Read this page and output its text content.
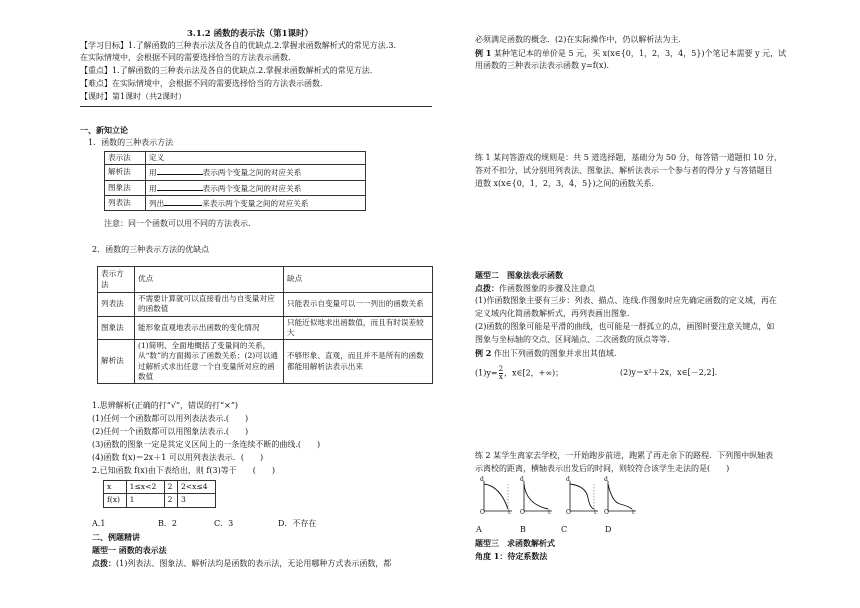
3.1.2 函数的表示法（第1课时）
【学习目标】1.了解函数的三种表示法及各自的优缺点.2.掌握求函数解析式的常见方法.3.
在实际情境中，会根据不同的需要选择恰当的方法表示函数.
【重点】1.了解函数的三种表示法及各自的优缺点.2.掌握求函数解析式的常见方法.
【难点】在实际情境中，会根据不同的需要选择恰当的方法表示函数.
【课时】第1课时（共2课时）
一、新知立论
1．函数的三种表示方法
表示法	定义
解析法	用 表示两个变量之间的对应关系
图象法	用 表示两个变量之间的对应关系
列表法	列出 来表示两个变量之间的对应关系
注意：同一个函数可以用不同的方法表示.
2．函数的三种表示方法的优缺点
表示方法	优点	缺点
列表法	不需要计算就可以直接看出与自变量对应的函数值	只能表示自变量可以一一列出的函数关系
图象法	能形象直观地表示出函数的变化情况	只能近似地求出函数值，而且有时误差较大
解析法	(1)简明、全面地概括了变量间的关系，从“数”的方面揭示了函数关系；(2)可以通过解析式求出任意一个自变量所对应的函数值	不够形象、直观，而且并不是所有的函数都能用解析法表示出来
1.思辨解析(正确的打“√”，错误的打“×”)
(1)任何一个函数都可以用列表法表示.(　　)
(2)任何一个函数都可以用图象法表示.(　　)
(3)函数的图象一定是其定义区间上的一条连续不断的曲线.(　　)
(4)函数 f(x)＝2x＋1 可以用列表法表示．(　　)
2.已知函数 f(x)由下表给出，则 f(3)等于　　(　　)
x	1≤x<2	2	2<x≤4
f(x)	1	2	3
A.1	B．2	C．3	D．不存在
二、例题精讲
题型一 函数的表示法
点拨：(1)列表法、图象法、解析法均是函数的表示法，无论用哪种方式表示函数，都
必须满足函数的概念．(2)在实际操作中，仍以解析法为主．
例 1 某种笔记本的单价是 5 元，买 x(x∈{0，1，2，3，4，5})个笔记本需要 y 元，试
用函数的三种表示法表示函数 y=f(x).
练 1 某问答游戏的规则是：共 5 道选择题，基础分为 50 分，每答错一道题扣 10 分，
答对不扣分，试分别用列表法、图象法、解析法表示一个参与者的得分 y 与答错题目
道数 x(x∈{0，1，2，3，4，5})之间的函数关系.
题型二　图象法表示函数
点拨：作函数图象的步骤及注意点
(1)作函数图象主要有三步：列表、描点、连线.作图象时应先确定函数的定义域，再在
定义域内化简函数解析式，再列表画出图象.
(2)函数的图象可能是平滑的曲线，也可能是一群孤立的点，画图时要注意关键点，如
图象与坐标轴的交点、区间端点、二次函数的顶点等等.
例 2 作出下列函数的图象并求出其值域.
$(1)y= \frac{2}{x}$ ，x∈[2，+∞)；	(2)y＝x²＋2x，x∈[－2,2].
练 2 某学生离家去学校，一开始跑步前进，跑累了再走余下的路程．下列图中纵轴表
示离校的距离，横轴表示出发后的时间，则较符合该学生走法的是(　　)
d
t
O
d
t
O
d
t
O
d
t
O
A	B	C	D
题型三　求函数解析式
角度 1：待定系数法
